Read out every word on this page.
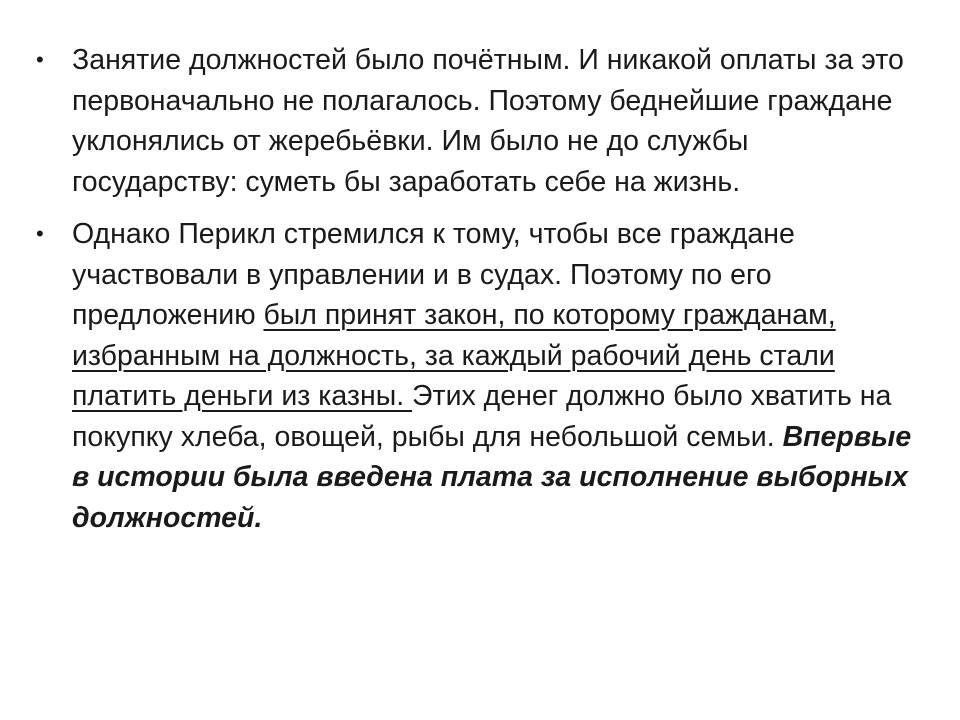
• Занятие должностей было почётным. И никакой оплаты за это первоначально не полагалось. Поэтому беднейшие граждане уклонялись от жеребьёвки. Им было не до службы государству: суметь бы заработать себе на жизнь.
• Однако Перикл стремился к тому, чтобы все граждане участвовали в управлении и в судах. Поэтому по его предложению был принят закон, по которому гражданам, избранным на должность, за каждый рабочий день стали платить деньги из казны. Этих денег должно было хватить на покупку хлеба, овощей, рыбы для небольшой семьи. Впервые в истории была введена плата за исполнение выборных должностей.
